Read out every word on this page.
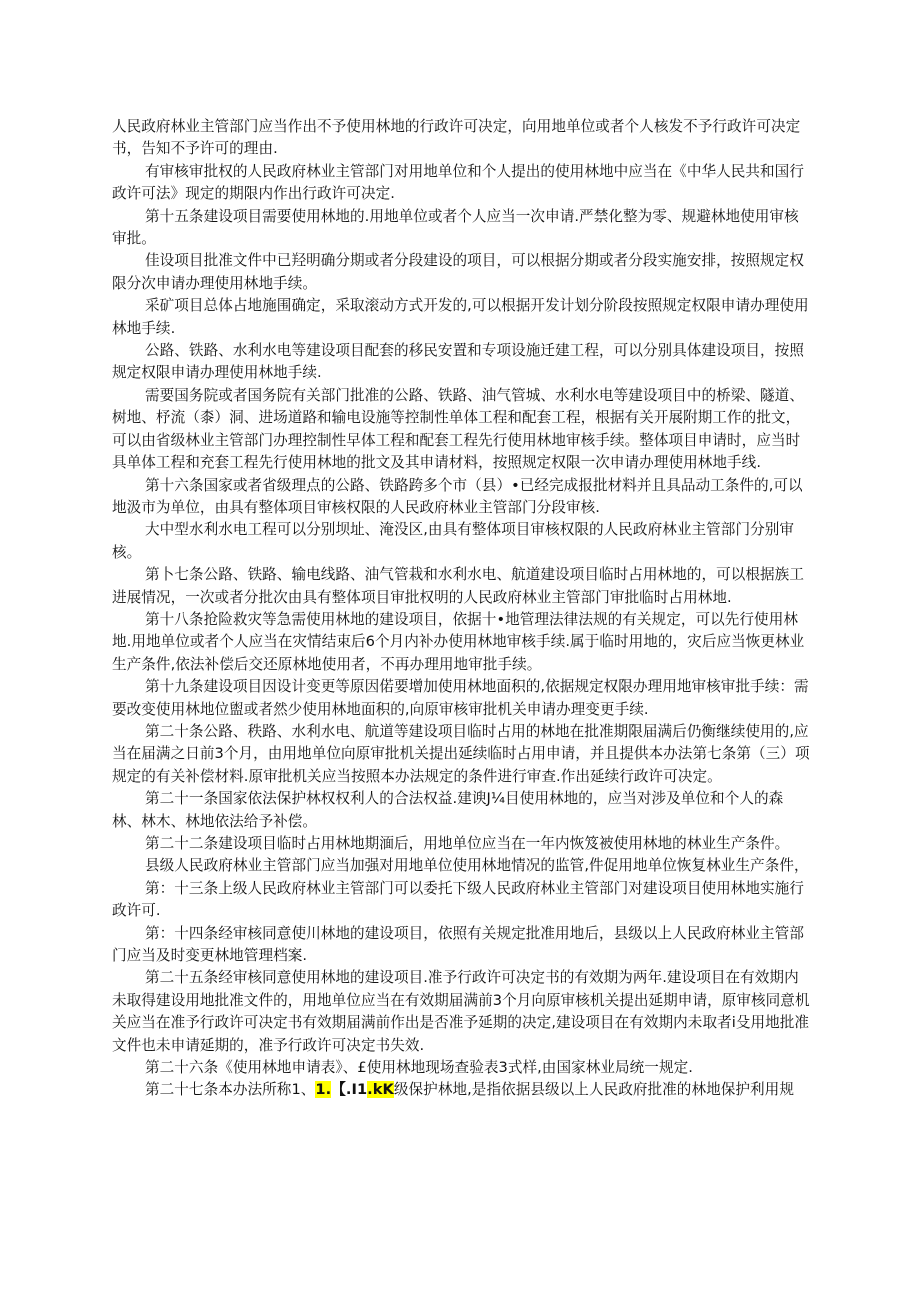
人民政府林业主管部门应当作出不予使用林地的行政许可决定，向用地单位或者个人核发不予行政许可决定书，告知不予许可的理由.

有审核审批权的人民政府林业主管部门对用地单位和个人提出的使用林地中应当在《中华人民共和国行政许可法》现定的期限内作出行政许可决定.

第十五条建设项目需要使用林地的.用地单位或者个人应当一次申请.严禁化整为零、规避林地使用审核审批。

佳设项目批准文件中已羟明确分期或者分段建设的项目，可以根据分期或者分段实施安排，按照规定权限分次申请办理使用林地手续。

采矿项目总体占地施围确定，采取滚动方式开发的,可以根据开发计划分阶段按照规定权限申请办理使用林地手续.

公路、铁路、水利水电等建设项目配套的移民安置和专项设施迁建工程，可以分别具体建设项目，按照规定权限申请办理使用林地手续.

需要国务院或者国务院有关部门批准的公路、铁路、油气管城、水利水电等建设项目中的桥梁、隧道、树地、杼流（桼）洞、进场道路和输电设施等控制性单体工程和配套工程，根据有关开展附期工作的批文，可以由省级林业主管部门办理控制性早体工程和配套工程先行使用林地审核手续。整体项目申请时，应当时具单体工程和充套工程先行使用林地的批文及其申请材料，按照规定权限一次申请办理使用林地手线.

第十六条国家或者省级理点的公路、铁路跨多个市（县）•已经完成报批材料并且具品动工条件的,可以地汲市为单位，由具有整体项目审核权限的人民政府林业主管部门分段审核.

大中型水利水电工程可以分别坝址、淹没区,由具有整体项目审核权限的人民政府林业主管部门分别审核。

第卜七条公路、铁路、输电线路、油气管栽和水利水电、航道建设项目临时占用林地的，可以根据族工进展情况，一次或者分批次由具有整体项目审批权明的人民政府林业主管部门审批临时占用林地.

第十八条抢险救灾等急需使用林地的建设项目，依据十•地管理法律法规的有关规定，可以先行使用林地.用地单位或者个人应当在灾情结束后6个月内补办使用林地审核手续.属于临时用地的，灾后应当恢更林业生产条件,依法补偿后交还原林地使用者，不再办理用地审批手续。

第十九条建设项目因设计变更等原因偌要增加使用林地面积的,依据规定权限办理用地审核审批手续：需要改变使用林地位盥或者然少使用林地面积的,向原审核审批机关申请办理变更手续.

第二十条公路、秩路、水利水电、航道等建设项目临时占用的林地在批准期限届满后仍衡继续使用的,应当在届满之日前3个月，由用地单位向原审批机关提出延续临时占用申请，并且提供本办法第七条第（三）项规定的有关补偿材料.原审批机关应当按照本办法规定的条件进行审查.作出延续行政许可决定。

第二十一条国家依法保护林权权利人的合法权益.建谀J¼目使用林地的，应当对涉及单位和个人的森林、林木、林地依法给予补偿。

第二十二条建设项目临时占用林地期湎后，用地单位应当在一年内恢笈被使用林地的林业生产条件。

县级人民政府林业主管部门应当加强对用地单位使用林地情况的监管,件促用地单位恢复林业生产条件，

第：十三条上级人民政府林业主管部门可以委托下级人民政府林业主管部门对建设项目使用林地实施行政许可.

第：十四条经审核同意使川林地的建设项目，依照有关规定批准用地后，县级以上人民政府林业主管部门应当及时变更林地管理档案.

第二十五条经审核同意使用林地的建设项目.准予行政许可决定书的有效期为两年.建设项目在有效期内未取得建设用地批准文件的，用地单位应当在有效期届满前3个月向原审核机关提出延期申请，原审核同意机关应当在准予行政许可决定书有效期届满前作出是否准予延期的决定,建设项目在有效期内未取者i殳用地批准文件也未申请延期的，准予行政许可决定书失效.

第二十六条《使用林地申请表》、£使用林地现场查验表3式样,由国家林业局统一规定.

第二十七条本办法所称1、1.【.I1.kK级保护林地,是指依据县级以上人民政府批准的林地保护利用规
